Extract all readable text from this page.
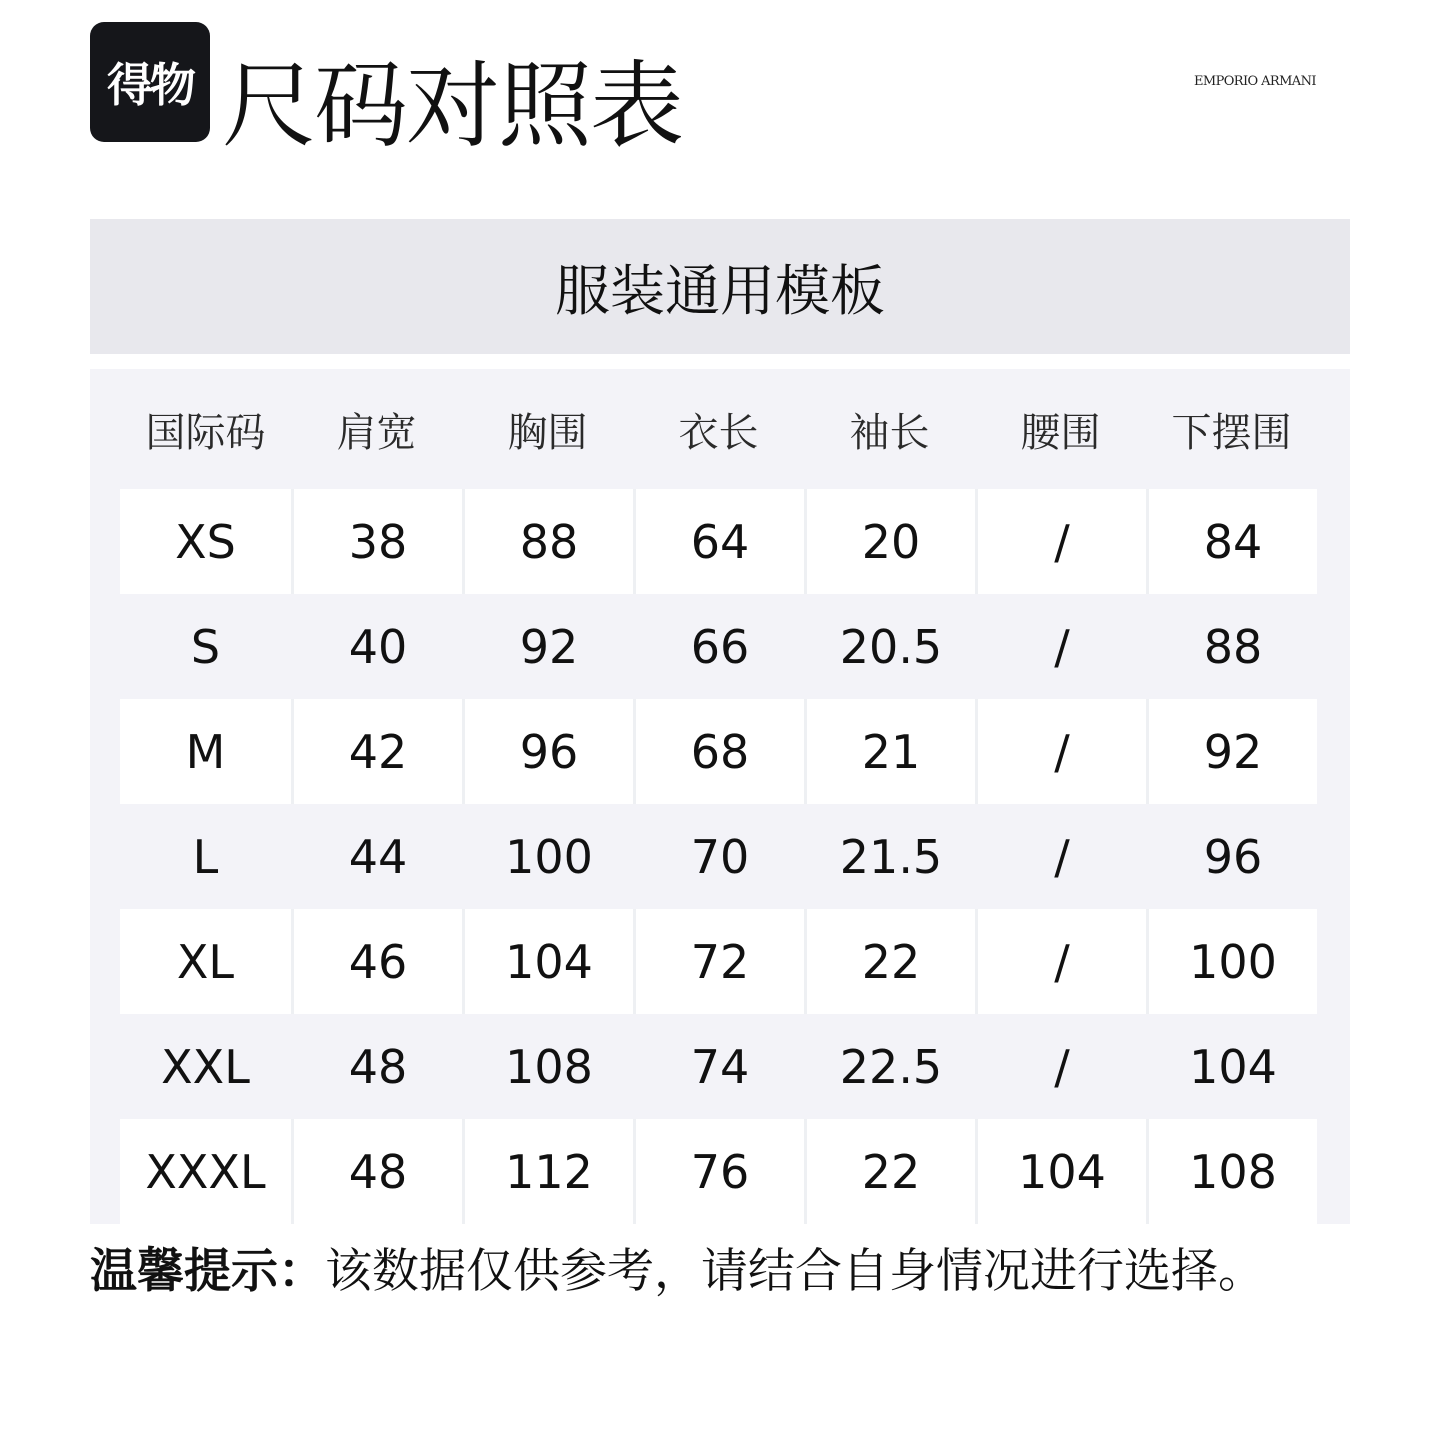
得物 尺码对照表	EMPORIO ARMANI
服装通用模板
国际码	肩宽	胸围	衣长	袖长	腰围	下摆围
XS	38	88	64	20	/	84
S	40	92	66	20.5	/	88
M	42	96	68	21	/	92
L	44	100	70	21.5	/	96
XL	46	104	72	22	/	100
XXL	48	108	74	22.5	/	104
XXXL	48	112	76	22	104	108
温馨提示：该数据仅供参考，请结合自身情况进行选择。
